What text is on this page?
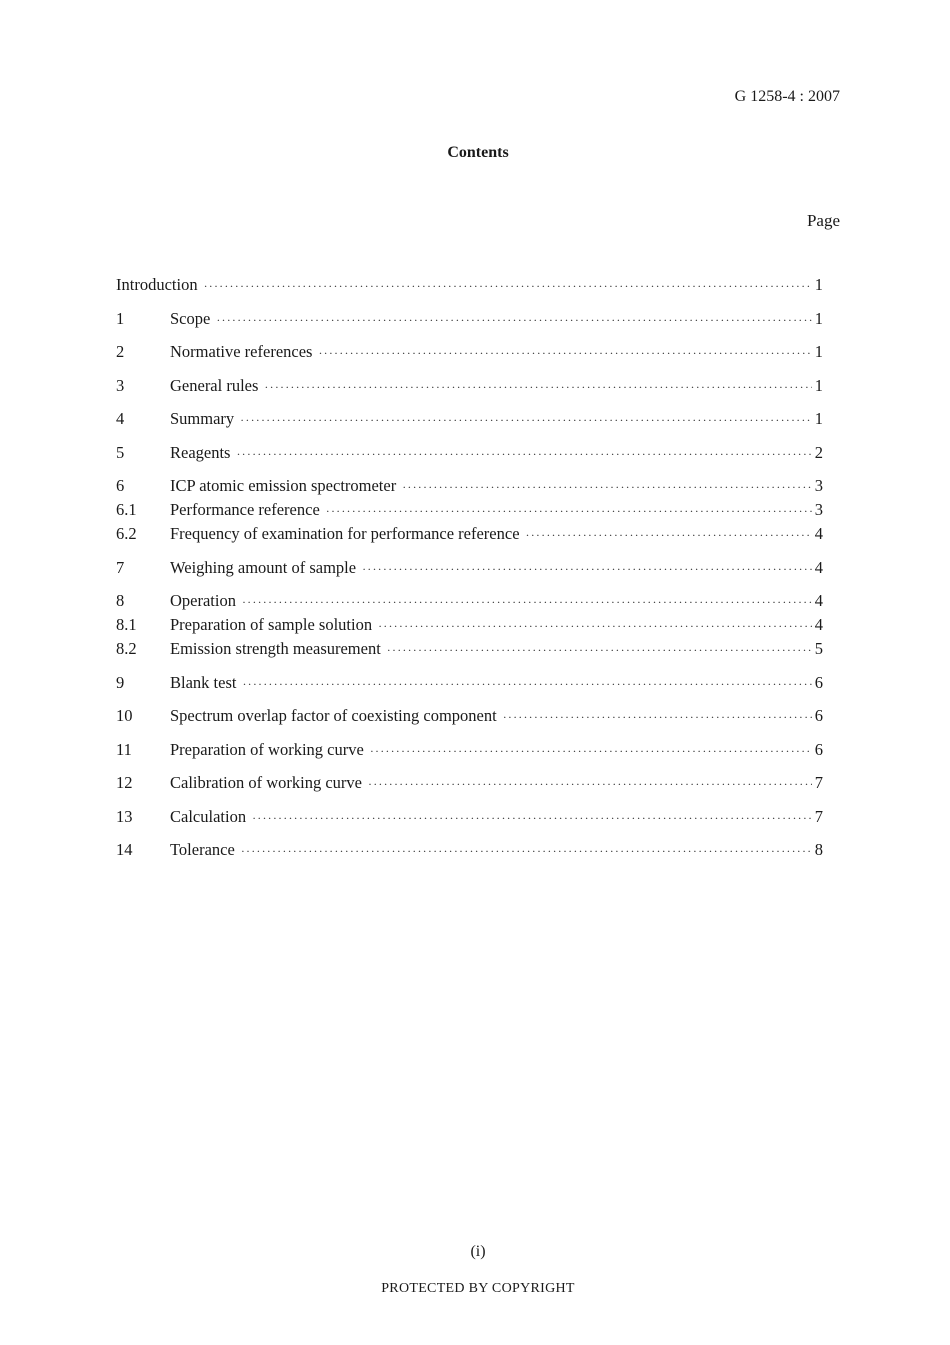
G 1258-4 : 2007
Contents
Page
Introduction ·····	1
1	Scope ·····	1
2	Normative references ·····	1
3	General rules ·····	1
4	Summary ·····	1
5	Reagents ·····	2
6	ICP atomic emission spectrometer ·····	3
6.1	Performance reference ·····	3
6.2	Frequency of examination for performance reference ·····	4
7	Weighing amount of sample ·····	4
8	Operation ·····	4
8.1	Preparation of sample solution ·····	4
8.2	Emission strength measurement ·····	5
9	Blank test ·····	6
10	Spectrum overlap factor of coexisting component ·····	6
11	Preparation of working curve ·····	6
12	Calibration of working curve ·····	7
13	Calculation ·····	7
14	Tolerance ·····	8
(i)
PROTECTED BY COPYRIGHT
